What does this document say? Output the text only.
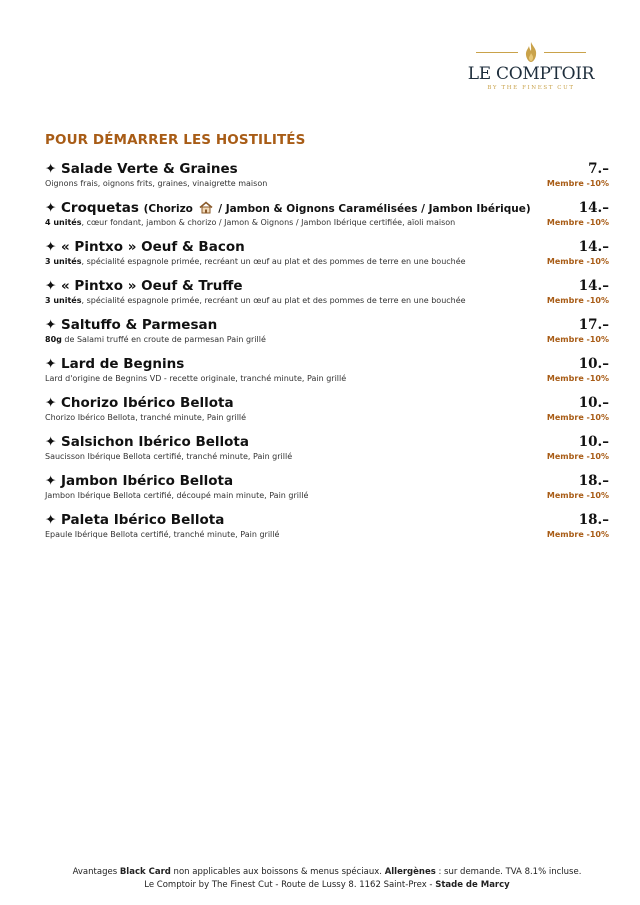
LE COMPTOIR
BY THE FINEST CUT
POUR DÉMARRER LES HOSTILITÉS
✦ Salade Verte & Graines
Oignons frais, oignons frits, graines, vinaigrette maison
7.–
Membre -10%
✦ Croquetas (Chorizo / Jambon & Oignons Caramélisées / Jambon Ibérique)
4 unités, cœur fondant, jambon & chorizo / Jamon & Oignons / Jambon Ibérique certifiée, aïoli maison
14.–
Membre -10%
✦ « Pintxo » Oeuf & Bacon
3 unités, spécialité espagnole primée, recréant un œuf au plat et des pommes de terre en une bouchée
14.–
Membre -10%
✦ « Pintxo » Oeuf & Truffe
3 unités, spécialité espagnole primée, recréant un œuf au plat et des pommes de terre en une bouchée
14.–
Membre -10%
✦ Saltuffo & Parmesan
80g de Salami truffé en croute de parmesan Pain grillé
17.–
Membre -10%
✦ Lard de Begnins
Lard d'origine de Begnins VD - recette originale, tranché minute, Pain grillé
10.–
Membre -10%
✦ Chorizo Ibérico Bellota
Chorizo Ibérico Bellota, tranché minute, Pain grillé
10.–
Membre -10%
✦ Salsichon Ibérico Bellota
Saucisson Ibérique Bellota certifié, tranché minute, Pain grillé
10.–
Membre -10%
✦ Jambon Ibérico Bellota
Jambon Ibérique Bellota certifié, découpé main minute, Pain grillé
18.–
Membre -10%
✦ Paleta Ibérico Bellota
Epaule Ibérique Bellota certifié, tranché minute, Pain grillé
18.–
Membre -10%
Avantages Black Card non applicables aux boissons & menus spéciaux. Allergènes : sur demande. TVA 8.1% incluse.
Le Comptoir by The Finest Cut - Route de Lussy 8. 1162 Saint-Prex - Stade de Marcy
